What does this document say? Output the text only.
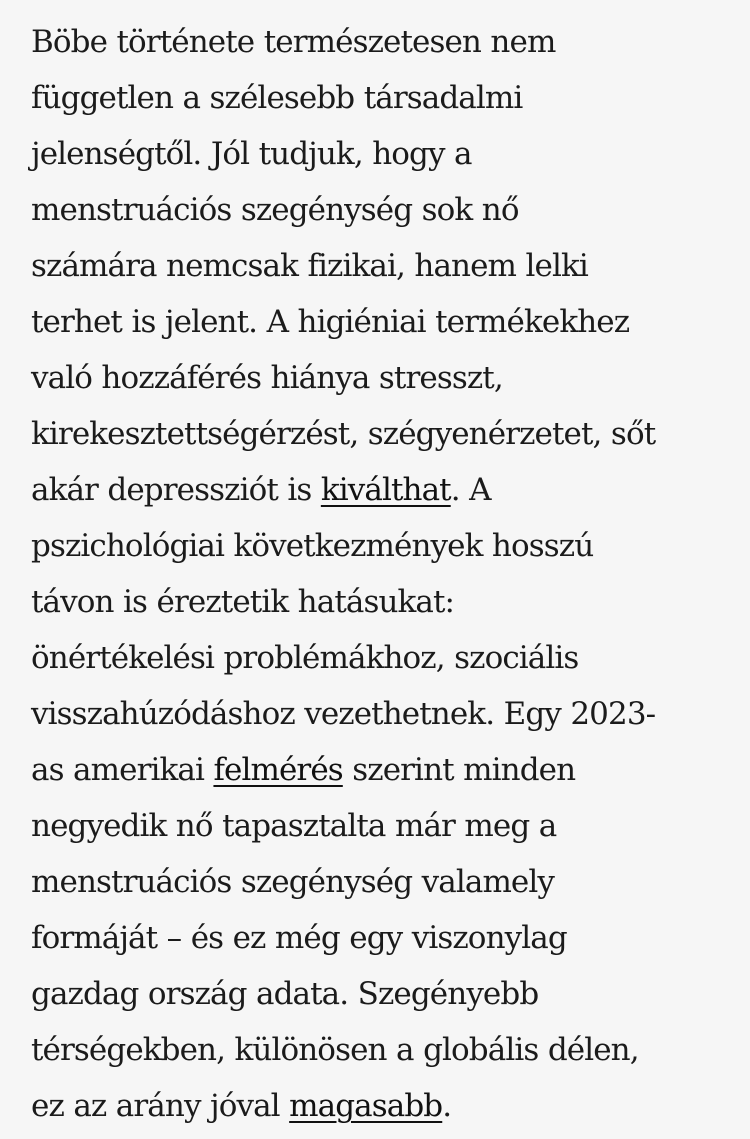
Böbe története természetesen nem
független a szélesebb társadalmi
jelenségtől. Jól tudjuk, hogy a
menstruációs szegénység sok nő
számára nemcsak fizikai, hanem lelki
terhet is jelent. A higiéniai termékekhez
való hozzáférés hiánya stresszt,
kirekesztettségérzést, szégyenérzetet, sőt
akár depressziót is kiválthat. A
pszichológiai következmények hosszú
távon is éreztetik hatásukat:
önértékelési problémákhoz, szociális
visszahúzódáshoz vezethetnek. Egy 2023-
as amerikai felmérés szerint minden
negyedik nő tapasztalta már meg a
menstruációs szegénység valamely
formáját – és ez még egy viszonylag
gazdag ország adata. Szegényebb
térségekben, különösen a globális délen,
ez az arány jóval magasabb.
